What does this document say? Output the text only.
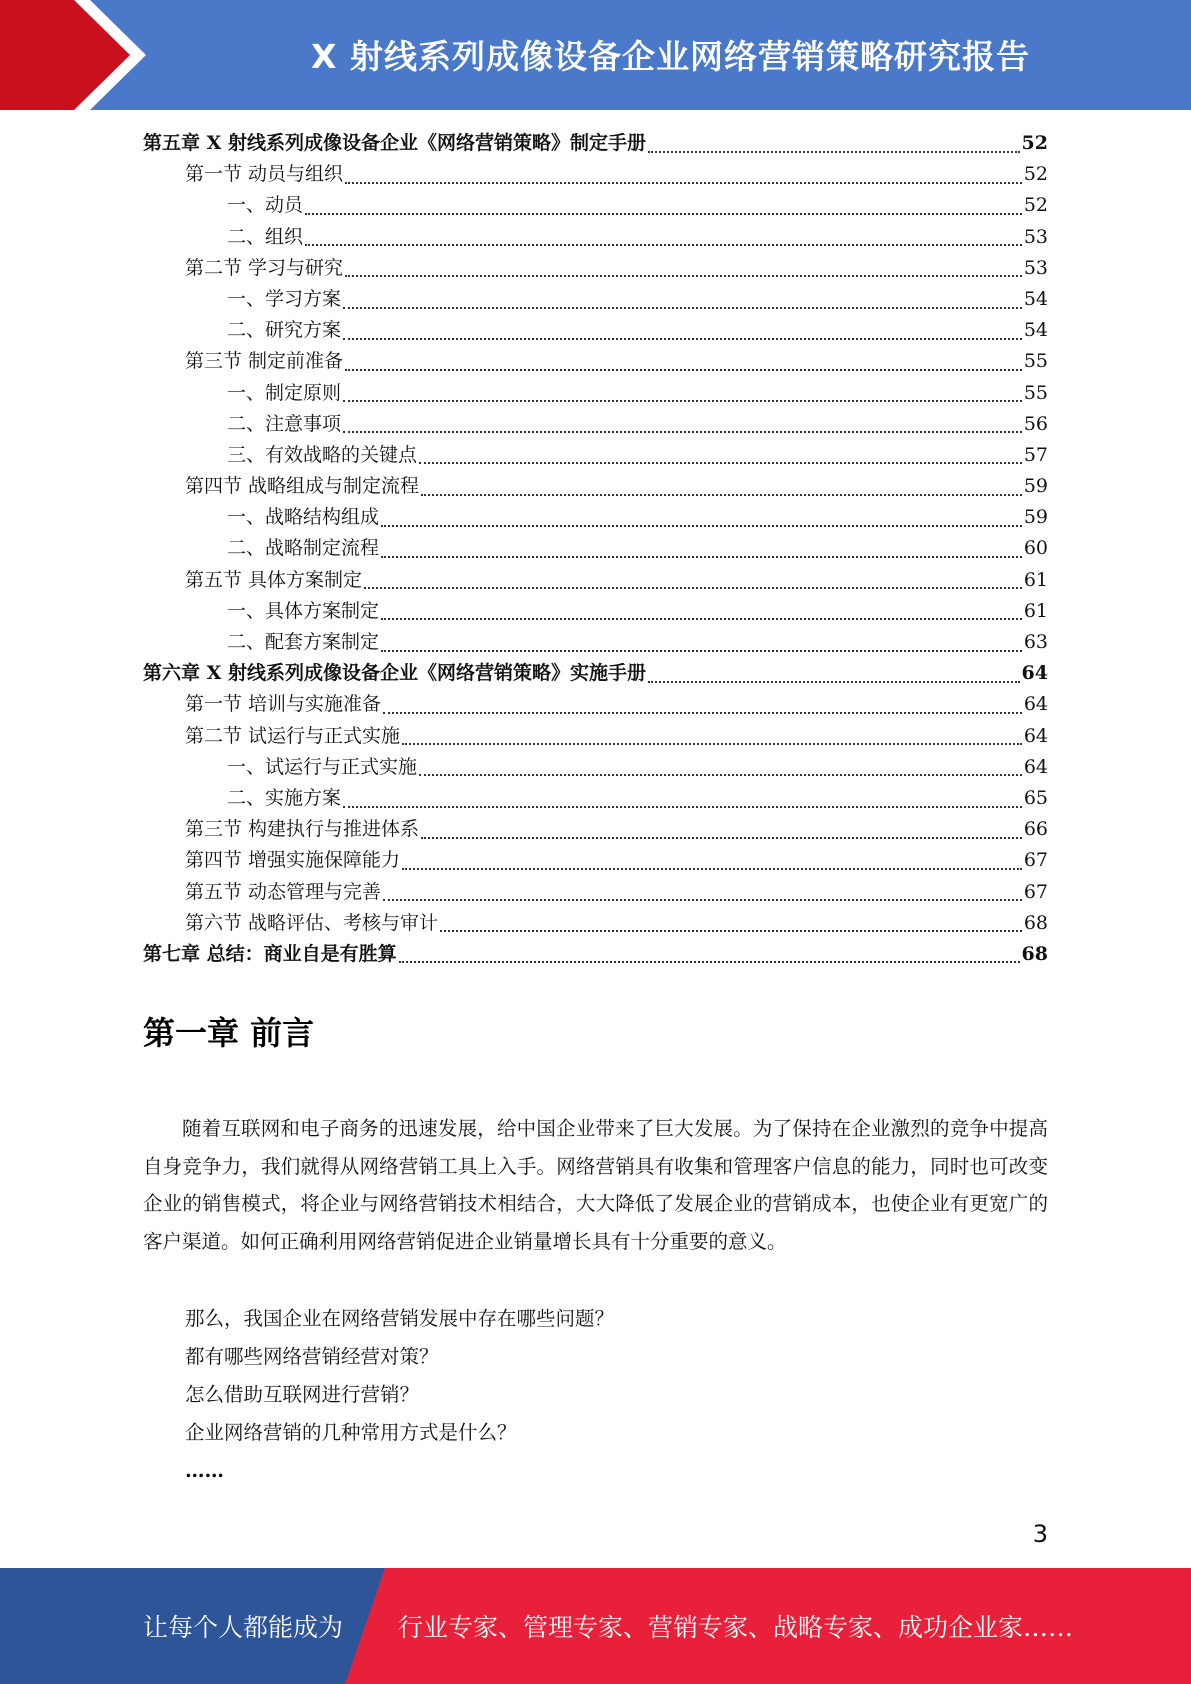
X 射线系列成像设备企业网络营销策略研究报告
第五章 X 射线系列成像设备企业《网络营销策略》制定手册	52
第一节 动员与组织	52
一、动员	52
二、组织	53
第二节 学习与研究	53
一、学习方案	54
二、研究方案	54
第三节 制定前准备	55
一、制定原则	55
二、注意事项	56
三、有效战略的关键点	57
第四节 战略组成与制定流程	59
一、战略结构组成	59
二、战略制定流程	60
第五节 具体方案制定	61
一、具体方案制定	61
二、配套方案制定	63
第六章 X 射线系列成像设备企业《网络营销策略》实施手册	64
第一节 培训与实施准备	64
第二节 试运行与正式实施	64
一、试运行与正式实施	64
二、实施方案	65
第三节 构建执行与推进体系	66
第四节 增强实施保障能力	67
第五节 动态管理与完善	67
第六节 战略评估、考核与审计	68
第七章 总结：商业自是有胜算	68
第一章 前言
随着互联网和电子商务的迅速发展，给中国企业带来了巨大发展。为了保持在企业激烈的竞争中提高自身竞争力，我们就得从网络营销工具上入手。网络营销具有收集和管理客户信息的能力，同时也可改变企业的销售模式，将企业与网络营销技术相结合，大大降低了发展企业的营销成本，也使企业有更宽广的客户渠道。如何正确利用网络营销促进企业销量增长具有十分重要的意义。
那么，我国企业在网络营销发展中存在哪些问题？
都有哪些网络营销经营对策？
怎么借助互联网进行营销？
企业网络营销的几种常用方式是什么？
……
3
让每个人都能成为 行业专家、管理专家、营销专家、战略专家、成功企业家……
